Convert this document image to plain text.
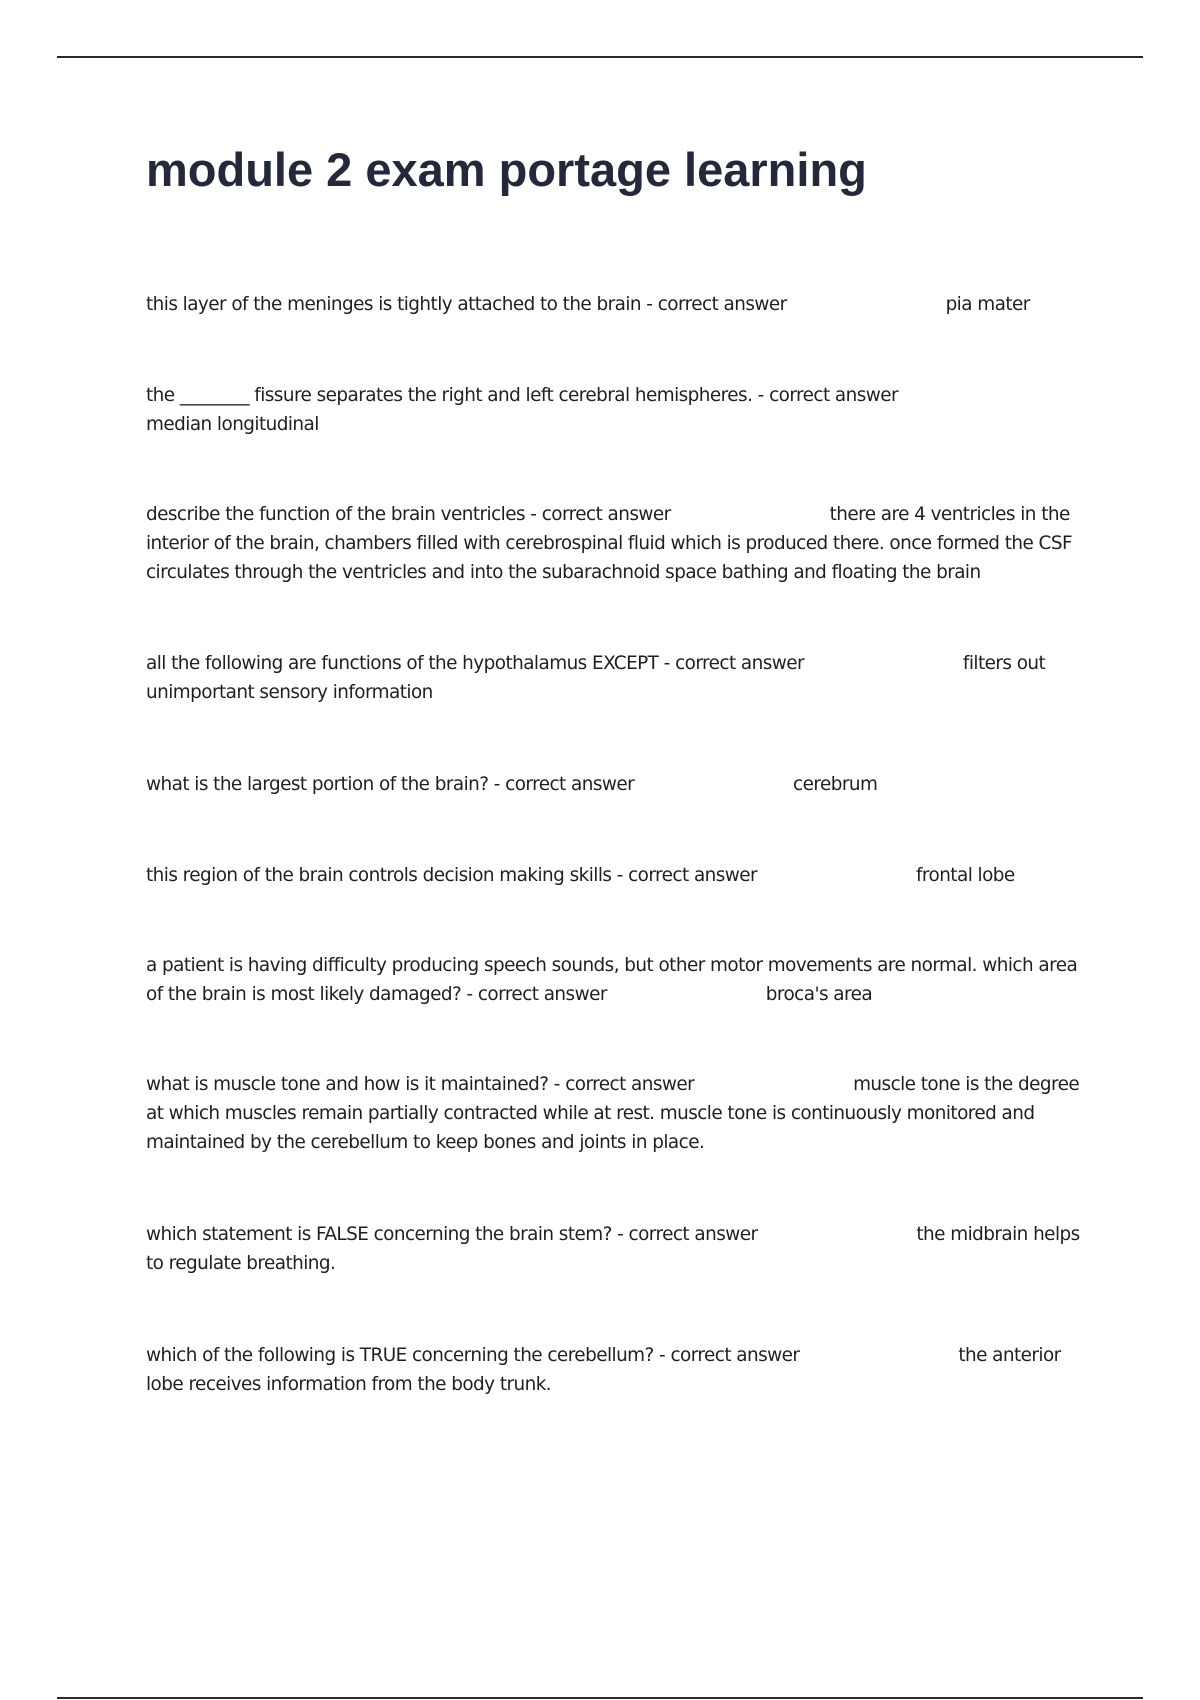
module 2 exam portage learning
this layer of the meninges is tightly attached to the brain - correct answer	pia mater
the ________ fissure separates the right and left cerebral hemispheres. - correct answer                              median longitudinal
describe the function of the brain ventricles - correct answer	there are 4 ventricles in the interior of the brain, chambers filled with cerebrospinal fluid which is produced there. once formed the CSF circulates through the ventricles and into the subarachnoid space bathing and floating the brain
all the following are functions of the hypothalamus EXCEPT - correct answer	filters out unimportant sensory information
what is the largest portion of the brain? - correct answer	cerebrum
this region of the brain controls decision making skills - correct answer	frontal lobe
a patient is having difficulty producing speech sounds, but other motor movements are normal. which area of the brain is most likely damaged? - correct answer	broca's area
what is muscle tone and how is it maintained? - correct answer	muscle tone is the degree at which muscles remain partially contracted while at rest. muscle tone is continuously monitored and maintained by the cerebellum to keep bones and joints in place.
which statement is FALSE concerning the brain stem? - correct answer	the midbrain helps to regulate breathing.
which of the following is TRUE concerning the cerebellum? - correct answer	the anterior lobe receives information from the body trunk.
